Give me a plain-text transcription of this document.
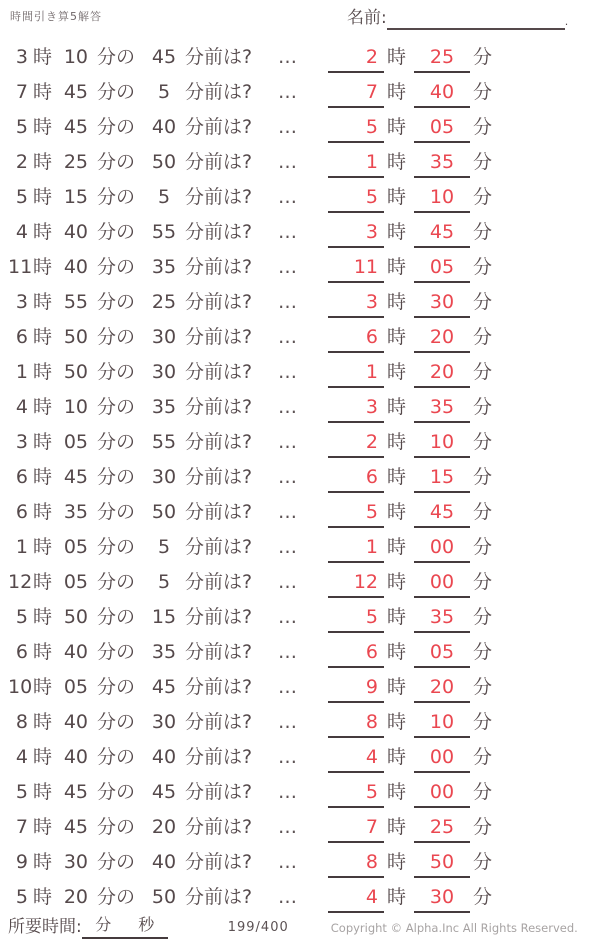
時間引き算5解答	名前:	.
3 時 10 分の 45 分前は?	…	2 時	25 分
7 時 45 分の	5 分前は?	…	7 時	40 分
5 時 45 分の 40 分前は?	…	5 時	05 分
2 時 25 分の 50 分前は?	…	1 時	35 分
5 時 15 分の	5 分前は?	…	5 時	10 分
4 時 40 分の 55 分前は?	…	3 時	45 分
11 時 40 分の 35 分前は?	…	11 時	05 分
3 時 55 分の 25 分前は?	…	3 時	30 分
6 時 50 分の 30 分前は?	…	6 時	20 分
1 時 50 分の 30 分前は?	…	1 時	20 分
4 時 10 分の 35 分前は?	…	3 時	35 分
3 時 05 分の 55 分前は?	…	2 時	10 分
6 時 45 分の 30 分前は?	…	6 時	15 分
6 時 35 分の 50 分前は?	…	5 時	45 分
1 時 05 分の	5 分前は?	…	1 時	00 分
12 時 05 分の	5 分前は?	…	12 時	00 分
5 時 50 分の 15 分前は?	…	5 時	35 分
6 時 40 分の 35 分前は?	…	6 時	05 分
10 時 05 分の 45 分前は?	…	9 時	20 分
8 時 40 分の 30 分前は?	…	8 時	10 分
4 時 40 分の 40 分前は?	…	4 時	00 分
5 時 45 分の 45 分前は?	…	5 時	00 分
7 時 45 分の 20 分前は?	…	7 時	25 分
9 時 30 分の 40 分前は?	…	8 時	50 分
5 時 20 分の 50 分前は?	…	4 時	30 分
所要時間: 分 秒	199/400	Copyright © Alpha.Inc All Rights Reserved.
